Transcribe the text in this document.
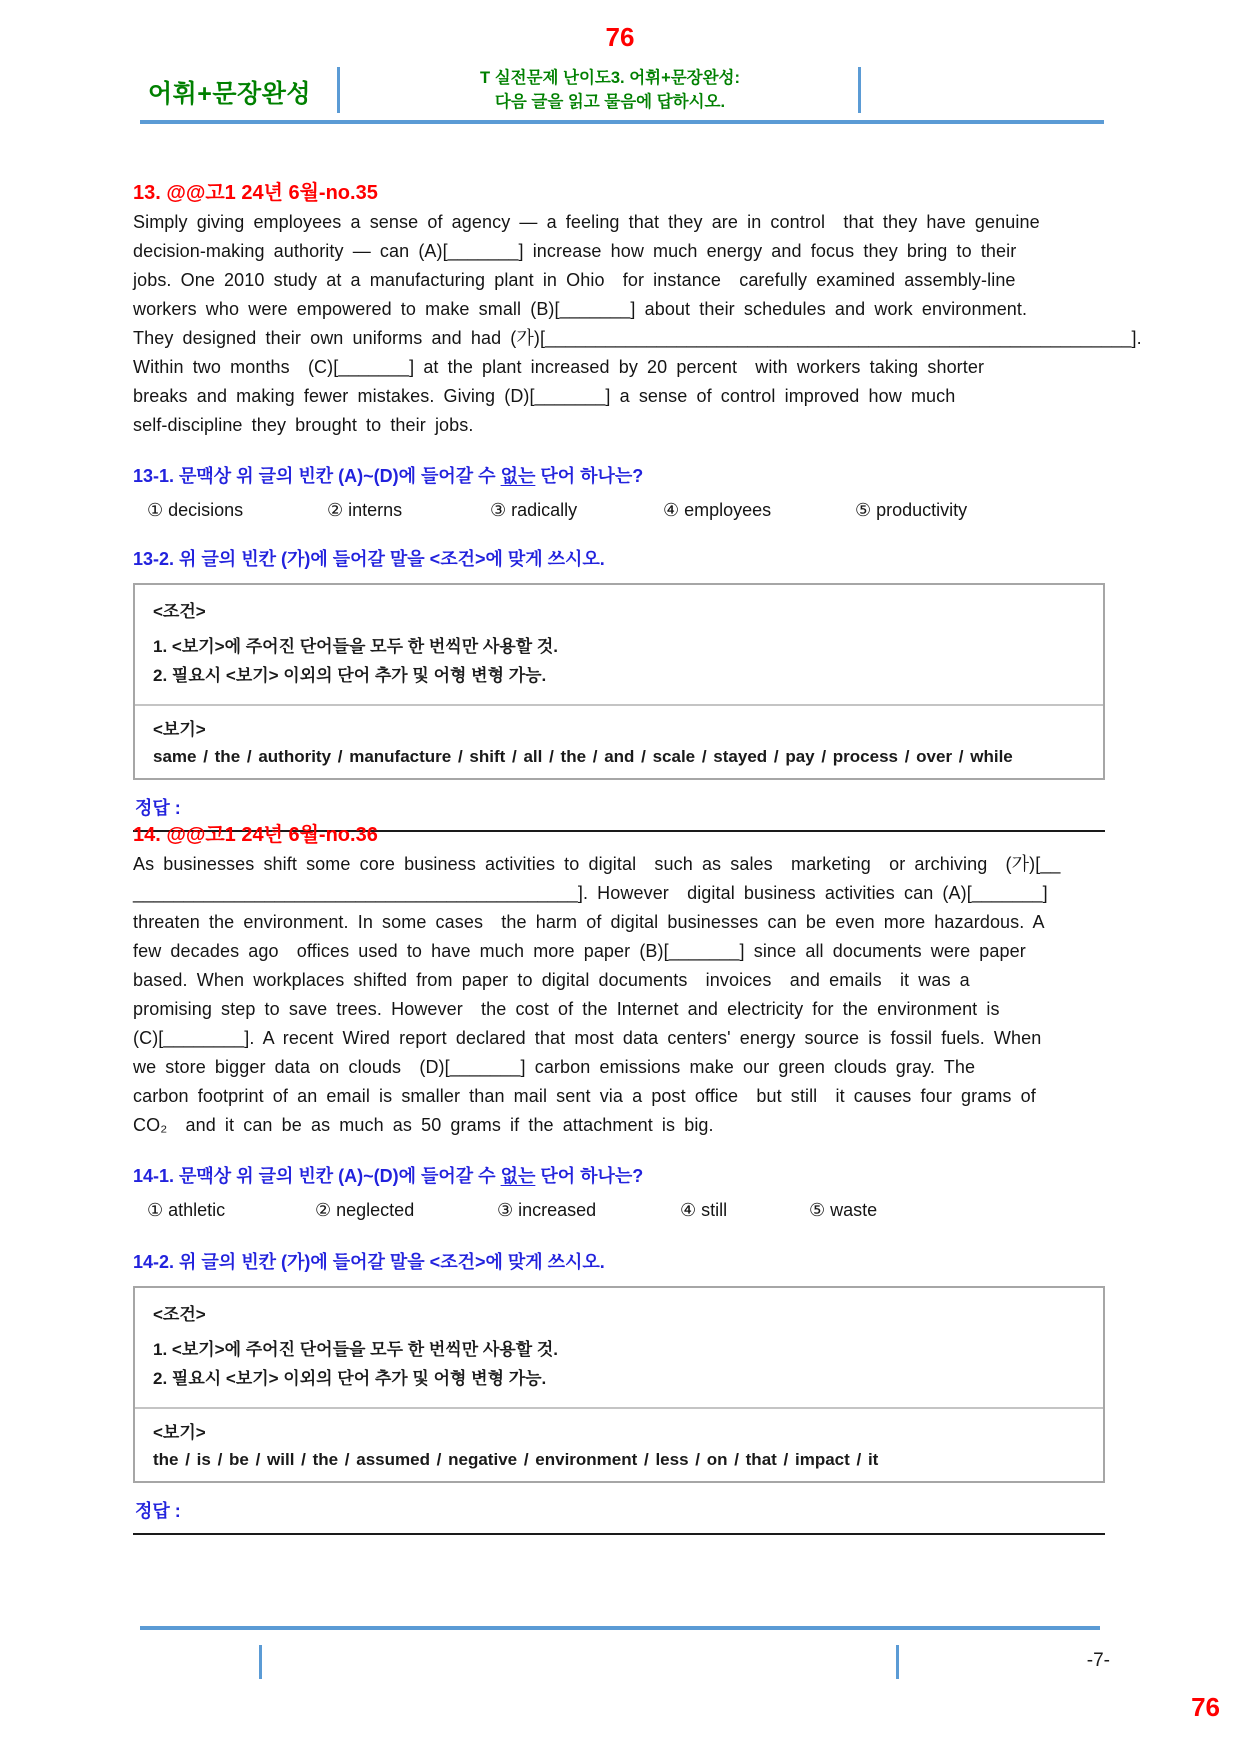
76
어휘+문장완성
T 실전문제 난이도3. 어휘+문장완성:
다음 글을 읽고 물음에 답하시오.
13. @@고1 24년 6월-no.35
Simply giving employees a sense of agency — a feeling that they are in control  that they have genuine
decision-making authority — can (A)[_______] increase how much energy and focus they bring to their
jobs. One 2010 study at a manufacturing plant in Ohio  for instance  carefully examined assembly-line
workers who were empowered to make small (B)[_______] about their schedules and work environment.
They designed their own uniforms and had (가)[__________________________________________________________].
Within two months  (C)[_______] at the plant increased by 20 percent  with workers taking shorter
breaks and making fewer mistakes. Giving (D)[_______] a sense of control improved how much
self-discipline they brought to their jobs.
13-1. 문맥상 위 글의 빈칸 (A)~(D)에 들어갈 수 없는 단어 하나는?
① decisions	② interns	③ radically	④ employees	⑤ productivity
13-2. 위 글의 빈칸 (가)에 들어갈 말을 <조건>에 맞게 쓰시오.
<조건>
1. <보기>에 주어진 단어들을 모두 한 번씩만 사용할 것.
2. 필요시 <보기> 이외의 단어 추가 및 어형 변형 가능.
<보기>
same / the / authority / manufacture / shift / all / the / and / scale / stayed / pay / process / over / while
정답 :
14. @@고1 24년 6월-no.36
As businesses shift some core business activities to digital  such as sales  marketing  or archiving  (가)[__
____________________________________________]. However  digital business activities can (A)[_______]
threaten the environment. In some cases  the harm of digital businesses can be even more hazardous. A
few decades ago  offices used to have much more paper (B)[_______] since all documents were paper
based. When workplaces shifted from paper to digital documents  invoices  and emails  it was a
promising step to save trees. However  the cost of the Internet and electricity for the environment is
(C)[________]. A recent Wired report declared that most data centers' energy source is fossil fuels. When
we store bigger data on clouds  (D)[_______] carbon emissions make our green clouds gray. The
carbon footprint of an email is smaller than mail sent via a post office  but still  it causes four grams of
CO₂  and it can be as much as 50 grams if the attachment is big.
14-1. 문맥상 위 글의 빈칸 (A)~(D)에 들어갈 수 없는 단어 하나는?
① athletic	② neglected	③ increased	④ still	⑤ waste
14-2. 위 글의 빈칸 (가)에 들어갈 말을 <조건>에 맞게 쓰시오.
<조건>
1. <보기>에 주어진 단어들을 모두 한 번씩만 사용할 것.
2. 필요시 <보기> 이외의 단어 추가 및 어형 변형 가능.
<보기>
the / is / be / will / the / assumed / negative / environment / less / on / that / impact / it
정답 :
-7-
76
